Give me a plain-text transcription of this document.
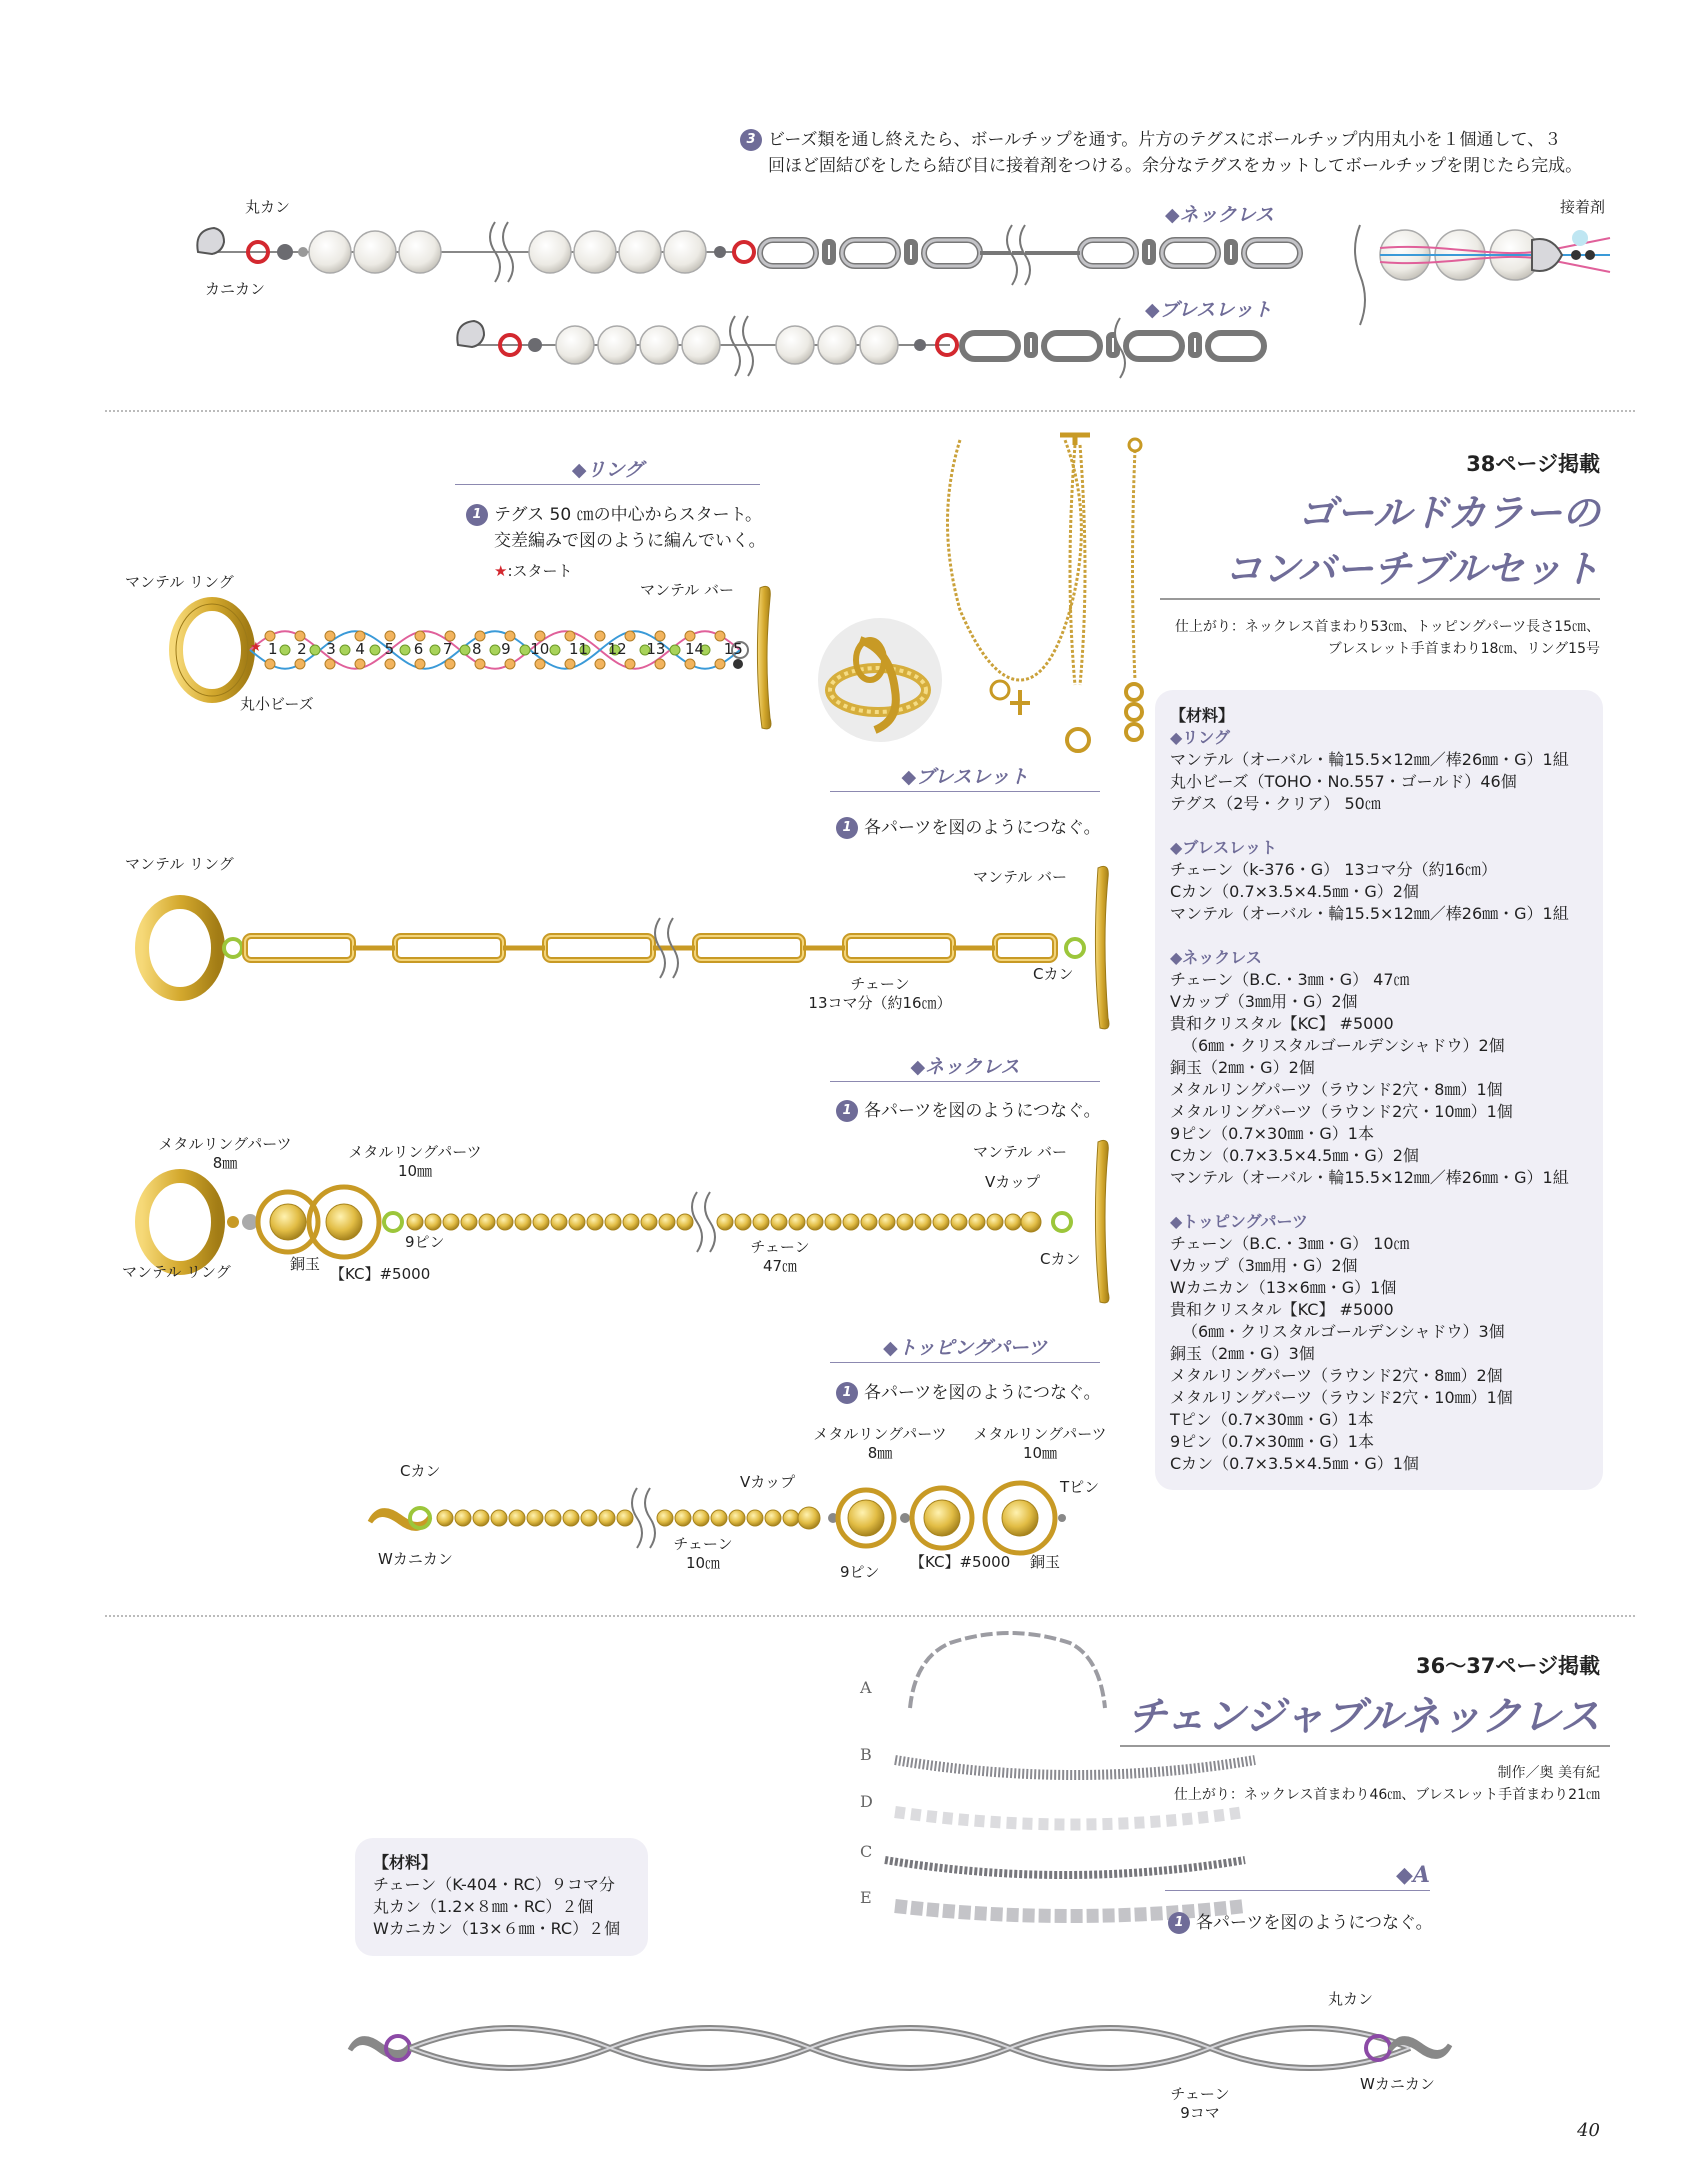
3 ビーズ類を通し終えたら、ボールチップを通す。片方のテグスにボールチップ内用丸小を１個通して、３
回ほど固結びをしたら結び目に接着剤をつける。余分なテグスをカットしてボールチップを閉じたら完成。
丸カン
カニカン
◆ネックレス
◆ブレスレット
接着剤
38ページ掲載
ゴールドカラーの
コンバーチブルセット
仕上がり：ネックレス首まわり53㎝、トッピングパーツ長さ15㎝、
ブレスレット手首まわり18㎝、リング15号
◆リング
1 テグス 50 ㎝の中心からスタート。
交差編みで図のように編んでいく。
★:スタート
マンテル リング	マンテル バー
丸小ビーズ
★ 1 2 3 4 5 6 7 8 9 10 11 12 13 14 15
◆ブレスレット
1 各パーツを図のようにつなぐ。
マンテル リング
マンテル バー
チェーン
13コマ分（約16㎝）
Cカン
◆ネックレス
1 各パーツを図のようにつなぐ。
メタルリングパーツ
8㎜
メタルリングパーツ
10㎜
マンテル バー
Vカップ
9ピン
マンテル リング	銅玉
【KC】#5000
チェーン
47㎝	Cカン
◆トッピングパーツ
1 各パーツを図のようにつなぐ。
Cカン
Wカニカン
Vカップ
チェーン
10㎝
メタルリングパーツ
8㎜
メタルリングパーツ
10㎜
Tピン
9ピン
【KC】#5000 銅玉
【材料】
◆リング
マンテル（オーバル・輪15.5×12㎜／棒26㎜・G）1組
丸小ビーズ（TOHO・No.557・ゴールド）46個
テグス（2号・クリア） 50㎝
◆ブレスレット
チェーン（k-376・G） 13コマ分（約16㎝）
Cカン（0.7×3.5×4.5㎜・G）2個
マンテル（オーバル・輪15.5×12㎜／棒26㎜・G）1組
◆ネックレス
チェーン（B.C.・3㎜・G） 47㎝
Vカップ（3㎜用・G）2個
貴和クリスタル【KC】 #5000
（6㎜・クリスタルゴールデンシャドウ）2個
銅玉（2㎜・G）2個
メタルリングパーツ（ラウンド2穴・8㎜）1個
メタルリングパーツ（ラウンド2穴・10㎜）1個
9ピン（0.7×30㎜・G）1本
Cカン（0.7×3.5×4.5㎜・G）2個
マンテル（オーバル・輪15.5×12㎜／棒26㎜・G）1組
◆トッピングパーツ
チェーン（B.C.・3㎜・G） 10㎝
Vカップ（3㎜用・G）2個
Wカニカン（13×6㎜・G）1個
貴和クリスタル【KC】 #5000
（6㎜・クリスタルゴールデンシャドウ）3個
銅玉（2㎜・G）3個
メタルリングパーツ（ラウンド2穴・8㎜）2個
メタルリングパーツ（ラウンド2穴・10㎜）1個
Tピン（0.7×30㎜・G）1本
9ピン（0.7×30㎜・G）1本
Cカン（0.7×3.5×4.5㎜・G）1個
36〜37ページ掲載
チェンジャブルネックレス
制作／奥 美有紀
仕上がり：ネックレス首まわり46㎝、ブレスレット手首まわり21㎝
A
B
D
C
E
【材料】
チェーン（K-404・RC）９コマ分
丸カン（1.2×８㎜・RC）２個
Wカニカン（13×６㎜・RC）２個
◆A
1 各パーツを図のようにつなぐ。
丸カン
チェーン
9コマ
Wカニカン
40
